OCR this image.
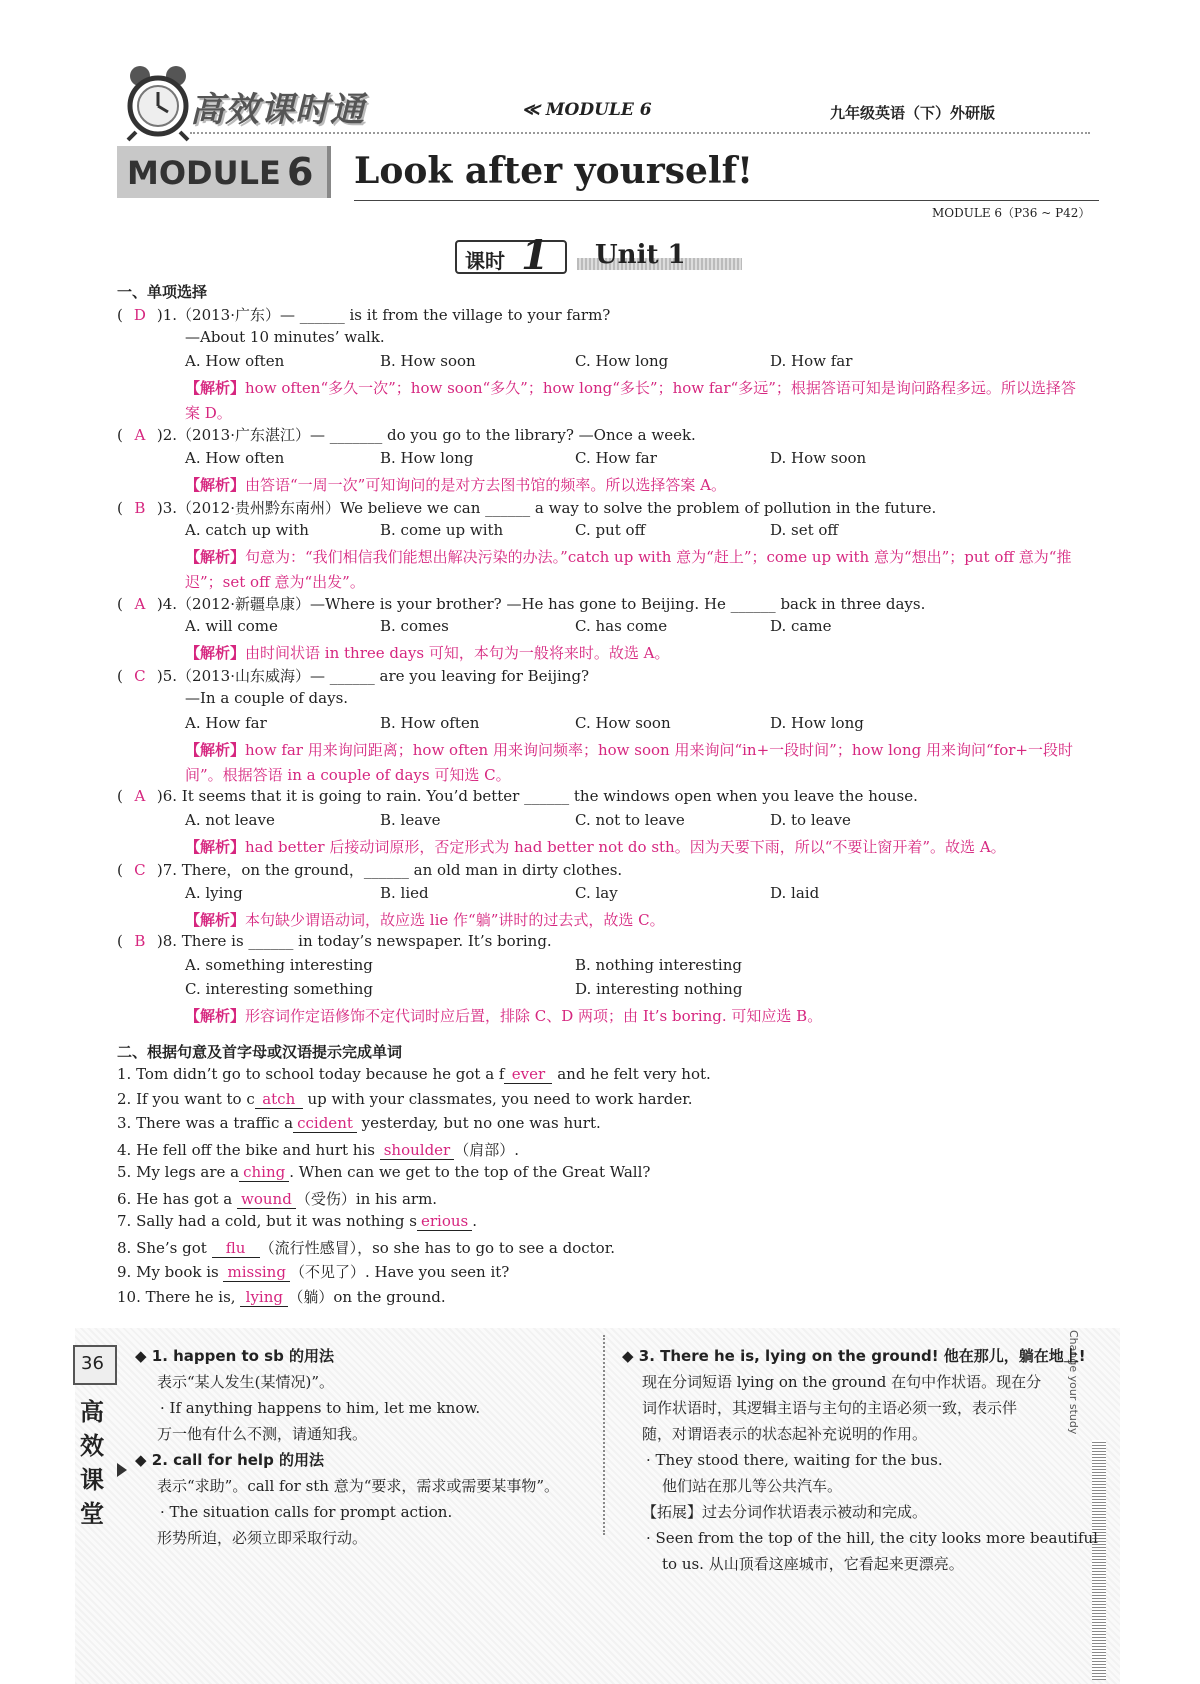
高效课时通	≪ MODULE 6	九年级英语（下）外研版
MODULE 6 Look after yourself!
MODULE 6（P36 ~ P42）
课时 1 Unit 1
一、单项选择
( D )1.（2013·广东）— ______ is it from the village to your farm?
—About 10 minutes’ walk.
A. How often	B. How soon	C. How long	D. How far
【解析】how often“多久一次”；how soon“多久”；how long“多长”；how far“多远”；根据答语可知是询问路程多远。所以选择答案 D。
( A )2.（2013·广东湛江）— _______ do you go to the library? —Once a week.
A. How often	B. How long	C. How far	D. How soon
【解析】由答语“一周一次”可知询问的是对方去图书馆的频率。所以选择答案 A。
( B )3.（2012·贵州黔东南州）We believe we can ______ a way to solve the problem of pollution in the future.
A. catch up with	B. come up with	C. put off	D. set off
【解析】句意为：“我们相信我们能想出解决污染的办法。”catch up with 意为“赶上”；come up with 意为“想出”；put off 意为“推迟”；set off 意为“出发”。
( A )4.（2012·新疆阜康）—Where is your brother? —He has gone to Beijing. He ______ back in three days.
A. will come	B. comes	C. has come	D. came
【解析】由时间状语 in three days 可知，本句为一般将来时。故选 A。
( C )5.（2013·山东威海）— ______ are you leaving for Beijing?
—In a couple of days.
A. How far	B. How often	C. How soon	D. How long
【解析】how far 用来询问距离；how often 用来询问频率；how soon 用来询问“in+一段时间”；how long 用来询问“for+一段时间”。根据答语 in a couple of days 可知选 C。
( A )6. It seems that it is going to rain. You’d better ______ the windows open when you leave the house.
A. not leave	B. leave	C. not to leave	D. to leave
【解析】had better 后接动词原形，否定形式为 had better not do sth。因为天要下雨，所以“不要让窗开着”。故选 A。
( C )7. There，on the ground，______ an old man in dirty clothes.
A. lying	B. lied	C. lay	D. laid
【解析】本句缺少谓语动词，故应选 lie 作“躺”讲时的过去式，故选 C。
( B )8. There is ______ in today’s newspaper. It’s boring.
A. something interesting	B. nothing interesting
C. interesting something	D. interesting nothing
【解析】形容词作定语修饰不定代词时应后置，排除 C、D 两项；由 It’s boring. 可知应选 B。
二、根据句意及首字母或汉语提示完成单词
1. Tom didn’t go to school today because he got a f ever and he felt very hot.
2. If you want to c atch up with your classmates, you need to work harder.
3. There was a traffic a ccident yesterday, but no one was hurt.
4. He fell off the bike and hurt his shoulder （肩部）.
5. My legs are a ching . When can we get to the top of the Great Wall?
6. He has got a wound （受伤）in his arm.
7. Sally had a cold, but it was nothing s erious .
8. She’s got flu （流行性感冒），so she has to go to see a doctor.
9. My book is missing （不见了）. Have you seen it?
10. There he is, lying （躺）on the ground.
36
高
效
课
堂
Change your study
◆ 1. happen to sb 的用法
表示“某人发生(某情况)”。
· If anything happens to him, let me know.
万一他有什么不测，请通知我。
◆ 2. call for help 的用法
表示“求助”。call for sth 意为“要求，需求或需要某事物”。
· The situation calls for prompt action.
形势所迫，必须立即采取行动。
◆ 3. There he is, lying on the ground! 他在那儿，躺在地上!
现在分词短语 lying on the ground 在句中作状语。现在分
词作状语时，其逻辑主语与主句的主语必须一致，表示伴
随，对谓语表示的状态起补充说明的作用。
· They stood there, waiting for the bus.
他们站在那儿等公共汽车。
【拓展】过去分词作状语表示被动和完成。
· Seen from the top of the hill, the city looks more beautiful
to us. 从山顶看这座城市，它看起来更漂亮。
